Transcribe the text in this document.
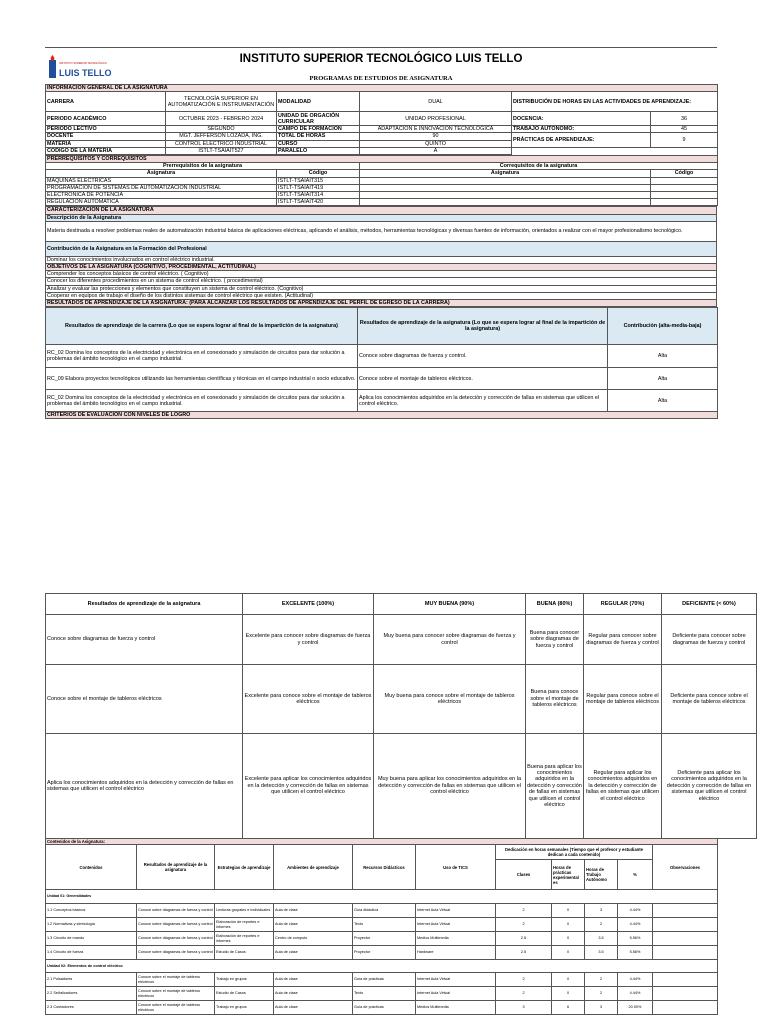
INSTITUTO SUPERIOR TECNOLÓGICO
LUIS TELLO
INSTITUTO SUPERIOR TECNOLÓGICO LUIS TELLO
PROGRAMAS DE ESTUDIOS DE ASIGNATURA
INFORMACIÓN GENERAL DE LA ASIGNATURA					
CARRERA	TECNOLOGÍA SUPERIOR EN AUTOMATIZACIÓN E INSTRUMENTACIÓN	MODALIDAD	DUAL	DISTRIBUCIÓN DE HORAS EN LAS ACTIVIDADES DE APRENDIZAJE:	
PERIODO ACADÉMICO	OCTUBRE 2023 - FEBRERO 2024	UNIDAD DE ORGACIÓN CURRICULAR	UNIDAD PROFESIONAL	DOCENCIA:	36
PERIODO LECTIVO	SEGUNDO	CAMPO DE FORMACIÓN	ADAPTACIÓN E INNOVACIÓN TECNOLÓGICA	TRABAJO AUTÓNOMO:	45
DOCENTE	MGT. JEFFERSON LOZADA, ING.	TOTAL DE HORAS	90	PRÁCTICAS DE APRENDIZAJE:	9
MATERIA	CONTROL ELECTRICO INDUSTRIAL	CURSO	QUINTO		
CÓDIGO DE LA MATERIA	ISTLT-TSAIAIT527	PARALELO	A		
PRERREQUISITOS Y CORREQUISITOS			
Prerrequisitos de la asignatura		Correquisitos de la asignatura	
Asignatura	Código	Asignatura	Código
MAQUINAS ELECTRICAS	ISTLT-TSAIAIT315		
PROGRAMACION DE SISTEMAS DE AUTOMATIZACION INDUSTRIAL	ISTLT-TSAIAIT419		
ELECTRONICA DE POTENCIA	ISTLT-TSAIAIT314		
REGULACION AUTOMATICA	ISTLT-TSAIAIT420		
CARACTERIZACIÓN DE LA ASIGNATURA
Descripción de la Asignatura
Materia destinada a resolver problemas reales de automatización industrial básica de aplicaciones eléctricas, aplicando el análisis, métodos, herramientas tecnológicas y diversas fuentes de información, orientados a realizar con el mayor profesionalismo tecnológico.
Contribución de la Asignatura en la Formación del Profesional
Dominar los conocimientos involucrados en control eléctrico industrial.
OBJETIVOS DE LA ASIGNATURA (COGNITIVO, PROCEDIMENTAL, ACTITUDINAL)
Comprender los conceptos básicos de control eléctrico. ( Cognitivo)
Conocer los diferentes procedimientos en un sistema de control eléctrico. ( procedimental)
Analizar y evaluar las protecciones y elementos que constituyen un sistema de control eléctrico. (Cognitivo)
Cooperar en equipos de trabajo el diseño de los distintos sistemas de control eléctrico que existen. (Actitudinal)
RESULTADOS DE APRENDIZAJE DE LA ASIGNATURA: (PARA ALCANZAR LOS RESULTADOS DE APRENDIZAJE DEL PERFIL DE EGRESO DE LA CARRERA)
Resultados de aprendizaje de la carrera (Lo que se espera lograr al final de la impartición de la asignatura)	Resultados de aprendizaje de la asignatura (Lo que se espera lograr al final de la impartición de la asignatura)	Contribución (alta-media-baja)
RC_02 Domina los conceptos de la electricidad y electrónica en el conexionado y simulación de circuitos para dar solución a problemas del ámbito tecnológico en el campo industrial.	Conoce sobre diagramas de fuerza y control.	Alta
RC_09 Elabora proyectos tecnológicos utilizando las herramientas científicas y técnicas en el campo industrial o socio educativo.	Conoce sobre el montaje de tableros eléctricos.	Alta
RC_02 Domina los conceptos de la electricidad y electrónica en el conexionado y simulación de circuitos para dar solución a problemas del ámbito tecnológico en el campo industrial.	Aplica los conocimientos adquiridos en la detección y corrección de fallas en sistemas que utilicen el control eléctrico.	Alta
CRITERIOS DE EVALUACIÓN CON NIVELES DE LOGRO		
Resultados de aprendizaje de la asignatura	EXCELENTE (100%)	MUY BUENA (90%)	BUENA (80%)	REGULAR (70%)	DEFICIENTE (< 60%)
Conoce sobre diagramas de fuerza y control	Excelente para conocer sobre diagramas de fuerza y control	Muy buena para conocer sobre diagramas de fuerza y control	Buena para conocer sobre diagramas de fuerza y control	Regular para conocer sobre diagramas de fuerza y control	Deficiente para conocer sobre diagramas de fuerza y control
Conoce sobre el montaje de tableros eléctricos	Excelente para conoce sobre el montaje de tableros eléctricos	Muy buena para conoce sobre el montaje de tableros eléctricos	Buena para conoce sobre el montaje de tableros eléctricos	Regular para conoce sobre el montaje de tableros eléctricos	Deficiente para conoce sobre el montaje de tableros eléctricos
Aplica los conocimientos adquiridos en la detección y corrección de fallas en sistemas que utilicen el control eléctrico	Excelente para aplicar los conocimientos adquiridos en la detección y corrección de fallas en sistemas que utilicen el control eléctrico	Muy buena para aplicar los conocimientos adquiridos en la detección y corrección de fallas en sistemas que utilicen el control eléctrico	Buena para aplicar los conocimientos adquiridos en la detección y corrección de fallas en sistemas que utilicen el control eléctrico	Regular para aplicar los conocimientos adquiridos en la detección y corrección de fallas en sistemas que utilicen el control eléctrico	Deficiente para aplicar los conocimientos adquiridos en la detección y corrección de fallas en sistemas que utilicen el control eléctrico
Contenidos de la Asignatura:										
Contenidos	Resultados de aprendizaje de la asignatura	Estrategias de aprendizaje	Ambientes de aprendizaje	Recursos Didácticos	Uso de TICS	Dedicación en horas semanales (Tiempo que el profesor y estudiante dedican a cada contenido)				Observaciones
						Clases	Horas de prácticas experimental es	Horas de Trabajo Autónomo	%	
Unidad 01: Generalidades										
1.1 Conceptos básicos	Conoce sobre diagramas de fuerza y control	Lecturas grupales e individuales	Aula de clase	Guía didáctica	Internet Aula Virtual	2	0	3	4.44%	
1.2 Normativas y simbología	Conoce sobre diagramas de fuerza y control	Elaboración de reportes e informes	Aula de clase	Texto	Internet Aula Virtual	2	0	2	4.44%	
1.3 Circuito de mando	Conoce sobre diagramas de fuerza y control	Elaboración de reportes e informes	Centro de computo	Proyector	Medios Multimedia	2.5	0	3.5	5.56%	
1.4 Circuito de fuerza	Conoce sobre diagramas de fuerza y control	Estudio de Casos	Aula de clase	Proyector	Hardware	2.5	0	3.5	5.56%	
Unidad 02: Elementos de control eléctrico										
2.1 Pulsadores	Conoce sobre el montaje de tableros eléctricos	Trabajo en grupos	Aula de clase	Guía de prácticas	Internet Aula Virtual	2	0	2	4.44%	
2.2 Señalizadores	Conoce sobre el montaje de tableros eléctricos	Estudio de Casos	Aula de clase	Texto	Internet Aula Virtual	2	0	2	4.44%	
2.3 Contactores	Conoce sobre el montaje de tableros eléctricos	Trabajo en grupos	Aula de clase	Guía de prácticas	Medios Multimedia	3	6	3	20.00%	
